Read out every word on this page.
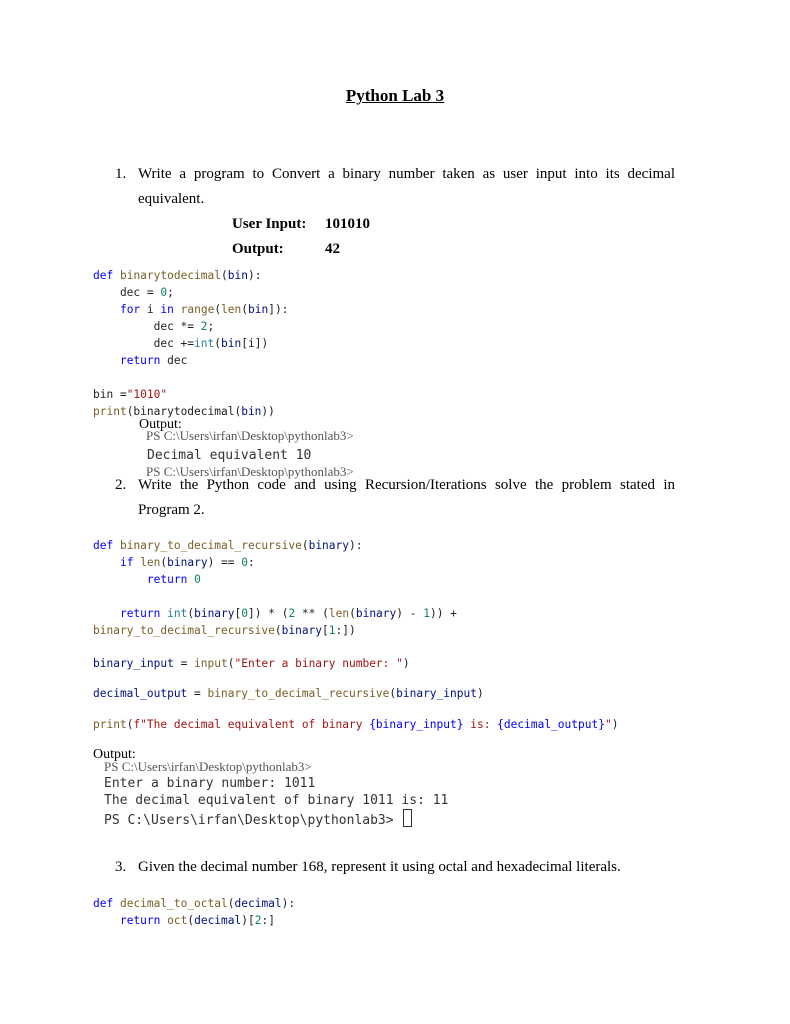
Python Lab 3
1. Write a program to Convert a binary number taken as user input into its decimal equivalent.
User Input: 101010
Output:	42
def binarytodecimal(bin):
dec = 0;
for i in range(len(bin]):
dec *= 2;
dec +=int(bin[i])
return dec

bin ="1010"
print(binarytodecimal(bin))
Output:
PS C:\Users\irfan\Desktop\pythonlab3>
Decimal equivalent 10
PS C:\Users\irfan\Desktop\pythonlab3>
2. Write the Python code and using Recursion/Iterations solve the problem stated in Program 2.
def binary_to_decimal_recursive(binary):
if len(binary) == 0:
return 0

return int(binary[0]) * (2 ** (len(binary) - 1)) +
binary_to_decimal_recursive(binary[1:])
binary_input = input("Enter a binary number: ")
decimal_output = binary_to_decimal_recursive(binary_input)
print(f"The decimal equivalent of binary {binary_input} is: {decimal_output}")
Output:
PS C:\Users\irfan\Desktop\pythonlab3>
Enter a binary number: 1011
The decimal equivalent of binary 1011 is: 11
PS C:\Users\irfan\Desktop\pythonlab3>
3. Given the decimal number 168, represent it using octal and hexadecimal literals.
def decimal_to_octal(decimal):
return oct(decimal)[2:]
